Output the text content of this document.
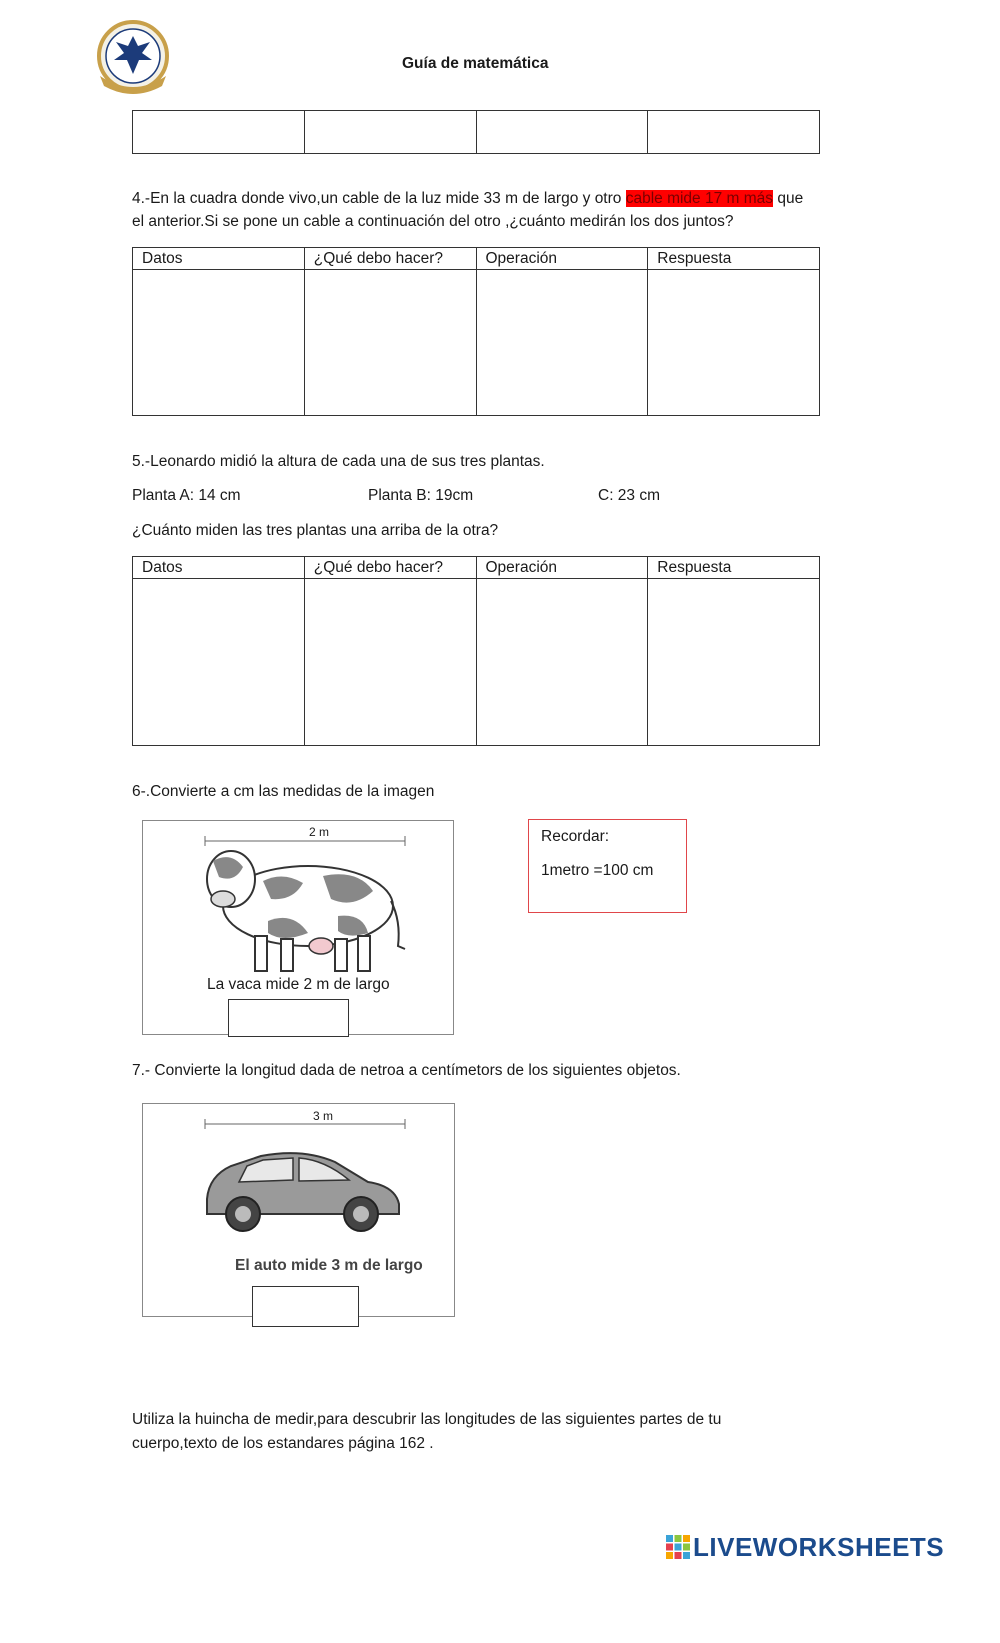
Guía de matemática

4.-En la cuadra donde vivo,un cable de la luz mide 33 m de largo y otro cable mide 17 m más que
el anterior.Si se pone un cable a continuación del otro ,¿cuánto medirán los dos juntos?
Datos	¿Qué debo hacer?	Operación	Respuesta

5.-Leonardo midió la altura de cada una de sus tres plantas.
Planta A: 14 cm	Planta B: 19cm	C: 23 cm
¿Cuánto miden las tres plantas una arriba de la otra?
Datos	¿Qué debo hacer?	Operación	Respuesta

6-.Convierte a cm las medidas de la imagen
2 m
La vaca mide 2 m de largo
Recordar:
1metro =100 cm
7.- Convierte la longitud dada de netroa a centímetors de los siguientes objetos.
3 m
El auto mide 3 m de largo
Utiliza la huincha de medir,para descubrir las longitudes de las siguientes partes de tu
cuerpo,texto de los estandares página 162 .
LIVEWORKSHEETS
